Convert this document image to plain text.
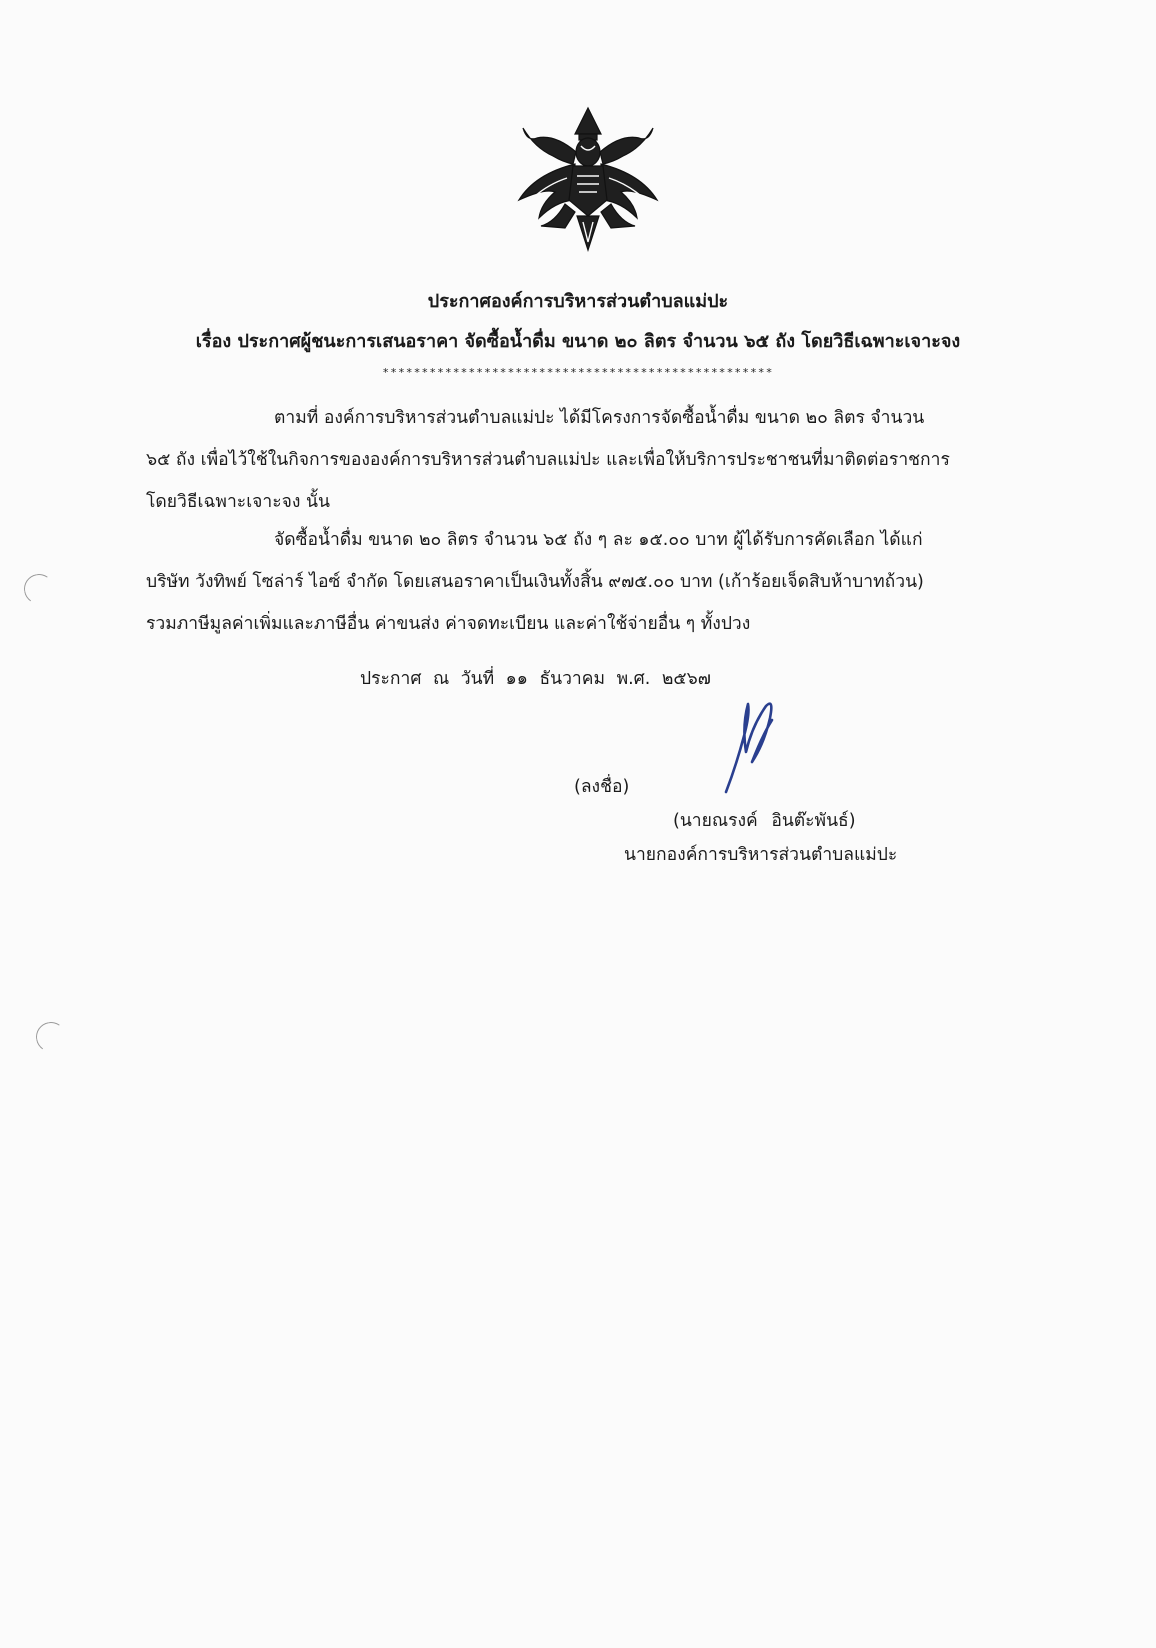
ประกาศองค์การบริหารส่วนตำบลแม่ปะ
เรื่อง ประกาศผู้ชนะการเสนอราคา จัดซื้อน้ำดื่ม ขนาด ๒๐ ลิตร จำนวน ๖๕ ถัง โดยวิธีเฉพาะเจาะจง
**************************************************
ตามที่ องค์การบริหารส่วนตำบลแม่ปะ ได้มีโครงการจัดซื้อน้ำดื่ม ขนาด ๒๐ ลิตร จำนวน
๖๕ ถัง เพื่อไว้ใช้ในกิจการขององค์การบริหารส่วนตำบลแม่ปะ และเพื่อให้บริการประชาชนที่มาติดต่อราชการ
โดยวิธีเฉพาะเจาะจง นั้น
จัดซื้อน้ำดื่ม ขนาด ๒๐ ลิตร จำนวน ๖๕ ถัง ๆ ละ ๑๕.๐๐ บาท ผู้ได้รับการคัดเลือก ได้แก่
บริษัท วังทิพย์ โซล่าร์ ไอซ์ จำกัด โดยเสนอราคาเป็นเงินทั้งสิ้น ๙๗๕.๐๐ บาท (เก้าร้อยเจ็ดสิบห้าบาทถ้วน)
รวมภาษีมูลค่าเพิ่มและภาษีอื่น ค่าขนส่ง ค่าจดทะเบียน และค่าใช้จ่ายอื่น ๆ ทั้งปวง
ประกาศ ณ วันที่ ๑๑ ธันวาคม พ.ศ. ๒๕๖๗
(ลงชื่อ)
(นายณรงค์ อินต๊ะพันธ์)
นายกองค์การบริหารส่วนตำบลแม่ปะ
